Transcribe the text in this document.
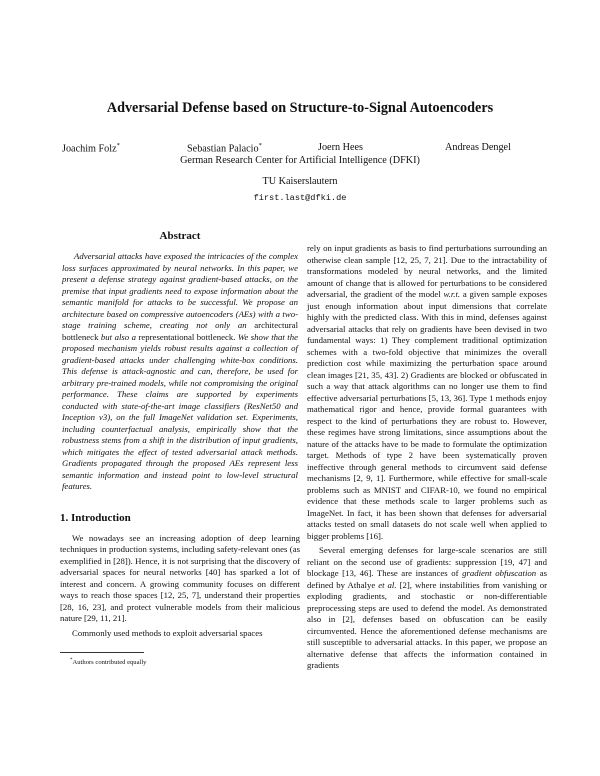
Adversarial Defense based on Structure-to-Signal Autoencoders
Joachim Folz*	Sebastian Palacio*	Joern Hees	Andreas Dengel
German Research Center for Artificial Intelligence (DFKI)
TU Kaiserslautern
first.last@dfki.de
Abstract

Adversarial attacks have exposed the intricacies of the complex loss surfaces approximated by neural networks. In this paper, we present a defense strategy against gradient-based attacks, on the premise that input gradients need to expose information about the semantic manifold for attacks to be successful. We propose an architecture based on compressive autoencoders (AEs) with a two-stage training scheme, creating not only an architectural bottleneck but also a representational bottleneck. We show that the proposed mechanism yields robust results against a collection of gradient-based attacks under challenging white-box conditions. This defense is attack-agnostic and can, therefore, be used for arbitrary pre-trained models, while not compromising the original performance. These claims are supported by experiments conducted with state-of-the-art image classifiers (ResNet50 and Inception v3), on the full ImageNet validation set. Experiments, including counterfactual analysis, empirically show that the robustness stems from a shift in the distribution of input gradients, which mitigates the effect of tested adversarial attack methods. Gradients propagated through the proposed AEs represent less semantic information and instead point to low-level structural features.

1. Introduction

We nowadays see an increasing adoption of deep learning techniques in production systems, including safety-relevant ones (as exemplified in [28]). Hence, it is not surprising that the discovery of adversarial spaces for neural networks [40] has sparked a lot of interest and concern. A growing community focuses on different ways to reach those spaces [12, 25, 7], understand their properties [28, 16, 23], and protect vulnerable models from their malicious nature [29, 11, 21].

Commonly used methods to exploit adversarial spaces

*Authors contributed equally

rely on input gradients as basis to find perturbations surrounding an otherwise clean sample [12, 25, 7, 21]. Due to the intractability of transformations modeled by neural networks, and the limited amount of change that is allowed for perturbations to be considered adversarial, the gradient of the model w.r.t. a given sample exposes just enough information about input dimensions that correlate highly with the predicted class. With this in mind, defenses against adversarial attacks that rely on gradients have been devised in two fundamental ways: 1) They complement traditional optimization schemes with a two-fold objective that minimizes the overall prediction cost while maximizing the perturbation space around clean images [21, 35, 43]. 2) Gradients are blocked or obfuscated in such a way that attack algorithms can no longer use them to find effective adversarial perturbations [5, 13, 36]. Type 1 methods enjoy mathematical rigor and hence, provide formal guarantees with respect to the kind of perturbations they are robust to. However, these regimes have strong limitations, since assumptions about the nature of the attacks have to be made to formulate the optimization target. Methods of type 2 have been systematically proven ineffective through general methods to circumvent said defense mechanisms [2, 9, 1]. Furthermore, while effective for small-scale problems such as MNIST and CIFAR-10, we found no empirical evidence that these methods scale to larger problems such as ImageNet. In fact, it has been shown that defenses for adversarial attacks tested on small datasets do not scale well when applied to bigger problems [16].

Several emerging defenses for large-scale scenarios are still reliant on the second use of gradients: suppression [19, 47] and blockage [13, 46]. These are instances of gradient obfuscation as defined by Athalye et al. [2], where instabilities from vanishing or exploding gradients, and stochastic or non-differentiable preprocessing steps are used to defend the model. As demonstrated also in [2], defenses based on obfuscation can be easily circumvented. Hence the aforementioned defense mechanisms are still susceptible to adversarial attacks. In this paper, we propose an alternative defense that affects the information contained in gradients
